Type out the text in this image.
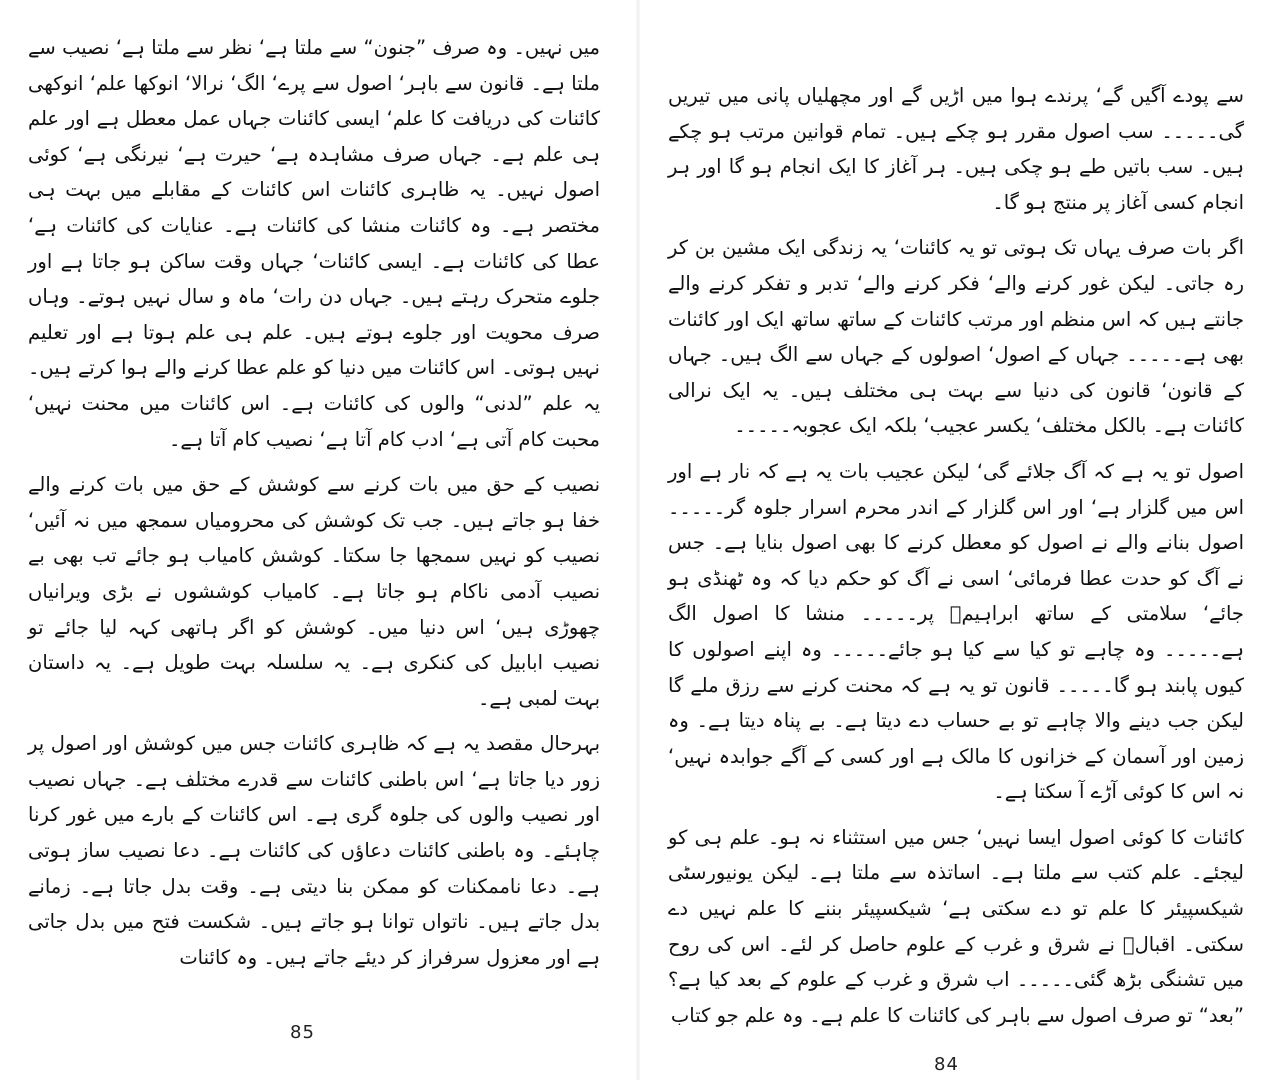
میں نہیں۔ وہ صرف ”جنون“ سے ملتا ہے‘ نظر سے ملتا ہے‘ نصیب سے ملتا ہے۔ قانون سے باہر‘ اصول سے پرے‘ الگ‘ نرالا‘ انوکھا علم‘ انوکھی کائنات کی دریافت کا علم‘ ایسی کائنات جہاں عمل معطل ہے اور علم ہی علم ہے۔ جہاں صرف مشاہدہ ہے‘ حیرت ہے‘ نیرنگی ہے‘ کوئی اصول نہیں۔ یہ ظاہری کائنات اس کائنات کے مقابلے میں بہت ہی مختصر ہے۔ وہ کائنات منشا کی کائنات ہے۔ عنایات کی کائنات ہے‘ عطا کی کائنات ہے۔ ایسی کائنات‘ جہاں وقت ساکن ہو جاتا ہے اور جلوے متحرک رہتے ہیں۔ جہاں دن رات‘ ماہ و سال نہیں ہوتے۔ وہاں صرف محویت اور جلوے ہوتے ہیں۔ علم ہی علم ہوتا ہے اور تعلیم نہیں ہوتی۔ اس کائنات میں دنیا کو علم عطا کرنے والے ہوا کرتے ہیں۔ یہ علم ”لدنی“ والوں کی کائنات ہے۔ اس کائنات میں محنت نہیں‘ محبت کام آتی ہے‘ ادب کام آتا ہے‘ نصیب کام آتا ہے۔

نصیب کے حق میں بات کرنے سے کوشش کے حق میں بات کرنے والے خفا ہو جاتے ہیں۔ جب تک کوشش کی محرومیاں سمجھ میں نہ آئیں‘ نصیب کو نہیں سمجھا جا سکتا۔ کوشش کامیاب ہو جائے تب بھی بے نصیب آدمی ناکام ہو جاتا ہے۔ کامیاب کوششوں نے بڑی ویرانیاں چھوڑی ہیں‘ اس دنیا میں۔ کوشش کو اگر ہاتھی کہہ لیا جائے تو نصیب ابابیل کی کنکری ہے۔ یہ سلسلہ بہت طویل ہے۔ یہ داستان بہت لمبی ہے۔

بہرحال مقصد یہ ہے کہ ظاہری کائنات جس میں کوشش اور اصول پر زور دیا جاتا ہے‘ اس باطنی کائنات سے قدرے مختلف ہے۔ جہاں نصیب اور نصیب والوں کی جلوہ گری ہے۔ اس کائنات کے بارے میں غور کرنا چاہئے۔ وہ باطنی کائنات دعاؤں کی کائنات ہے۔ دعا نصیب ساز ہوتی ہے۔ دعا ناممکنات کو ممکن بنا دیتی ہے۔ وقت بدل جاتا ہے۔ زمانے بدل جاتے ہیں۔ ناتواں توانا ہو جاتے ہیں۔ شکست فتح میں بدل جاتی ہے اور معزول سرفراز کر دیئے جاتے ہیں۔ وہ کائنات

85

سے پودے آگیں گے‘ پرندے ہوا میں اڑیں گے اور مچھلیاں پانی میں تیریں گی۔۔۔۔۔ سب اصول مقرر ہو چکے ہیں۔ تمام قوانین مرتب ہو چکے ہیں۔ سب باتیں طے ہو چکی ہیں۔ ہر آغاز کا ایک انجام ہو گا اور ہر انجام کسی آغاز پر منتج ہو گا۔

اگر بات صرف یہاں تک ہوتی تو یہ کائنات‘ یہ زندگی ایک مشین بن کر رہ جاتی۔ لیکن غور کرنے والے‘ فکر کرنے والے‘ تدبر و تفکر کرنے والے جانتے ہیں کہ اس منظم اور مرتب کائنات کے ساتھ ساتھ ایک اور کائنات بھی ہے۔۔۔۔۔ جہاں کے اصول‘ اصولوں کے جہاں سے الگ ہیں۔ جہاں کے قانون‘ قانون کی دنیا سے بہت ہی مختلف ہیں۔ یہ ایک نرالی کائنات ہے۔ بالکل مختلف‘ یکسر عجیب‘ بلکہ ایک عجوبہ۔۔۔۔۔

اصول تو یہ ہے کہ آگ جلائے گی‘ لیکن عجیب بات یہ ہے کہ نار ہے اور اس میں گلزار ہے‘ اور اس گلزار کے اندر محرم اسرار جلوہ گر۔۔۔۔۔ اصول بنانے والے نے اصول کو معطل کرنے کا بھی اصول بنایا ہے۔ جس نے آگ کو حدت عطا فرمائی‘ اسی نے آگ کو حکم دیا کہ وہ ٹھنڈی ہو جائے‘ سلامتی کے ساتھ ابراہیمؑ پر۔۔۔۔۔ منشا کا اصول الگ ہے۔۔۔۔۔ وہ چاہے تو کیا سے کیا ہو جائے۔۔۔۔۔ وہ اپنے اصولوں کا کیوں پابند ہو گا۔۔۔۔۔ قانون تو یہ ہے کہ محنت کرنے سے رزق ملے گا لیکن جب دینے والا چاہے تو بے حساب دے دیتا ہے۔ بے پناہ دیتا ہے۔ وہ زمین اور آسمان کے خزانوں کا مالک ہے اور کسی کے آگے جوابدہ نہیں‘ نہ اس کا کوئی آڑے آ سکتا ہے۔

کائنات کا کوئی اصول ایسا نہیں‘ جس میں استثناء نہ ہو۔ علم ہی کو لیجئے۔ علم کتب سے ملتا ہے۔ اساتذہ سے ملتا ہے۔ لیکن یونیورسٹی شیکسپیئر کا علم تو دے سکتی ہے‘ شیکسپیئر بننے کا علم نہیں دے سکتی۔ اقبالؒ نے شرق و غرب کے علوم حاصل کر لئے۔ اس کی روح میں تشنگی بڑھ گئی۔۔۔۔۔ اب شرق و غرب کے علوم کے بعد کیا ہے؟ ”بعد“ تو صرف اصول سے باہر کی کائنات کا علم ہے۔ وہ علم جو کتاب

84
